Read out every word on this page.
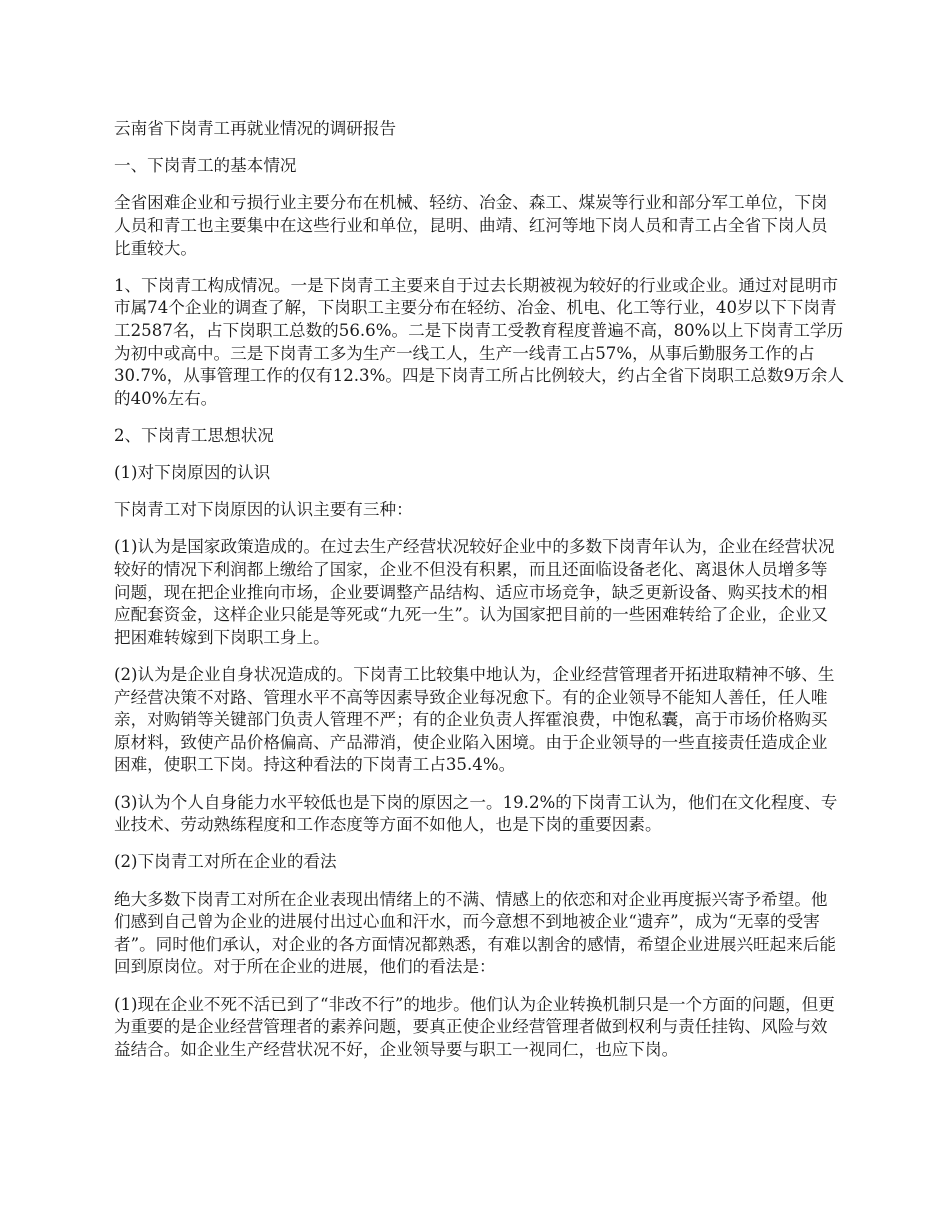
云南省下岗青工再就业情况的调研报告

一、下岗青工的基本情况

全省困难企业和亏损行业主要分布在机械、轻纺、冶金、森工、煤炭等行业和部分军工单位，下岗人员和青工也主要集中在这些行业和单位，昆明、曲靖、红河等地下岗人员和青工占全省下岗人员比重较大。

1、下岗青工构成情况。一是下岗青工主要来自于过去长期被视为较好的行业或企业。通过对昆明市市属74个企业的调查了解，下岗职工主要分布在轻纺、冶金、机电、化工等行业，40岁以下下岗青工2587名，占下岗职工总数的56.6%。二是下岗青工受教育程度普遍不高，80%以上下岗青工学历为初中或高中。三是下岗青工多为生产一线工人，生产一线青工占57%，从事后勤服务工作的占30.7%，从事管理工作的仅有12.3%。四是下岗青工所占比例较大，约占全省下岗职工总数9万余人的40%左右。

2、下岗青工思想状况

(1)对下岗原因的认识

下岗青工对下岗原因的认识主要有三种：

(1)认为是国家政策造成的。在过去生产经营状况较好企业中的多数下岗青年认为，企业在经营状况较好的情况下利润都上缴给了国家，企业不但没有积累，而且还面临设备老化、离退休人员增多等问题，现在把企业推向市场，企业要调整产品结构、适应市场竞争，缺乏更新设备、购买技术的相应配套资金，这样企业只能是等死或“九死一生”。认为国家把目前的一些困难转给了企业，企业又把困难转嫁到下岗职工身上。

(2)认为是企业自身状况造成的。下岗青工比较集中地认为，企业经营管理者开拓进取精神不够、生产经营决策不对路、管理水平不高等因素导致企业每况愈下。有的企业领导不能知人善任，任人唯亲，对购销等关键部门负责人管理不严；有的企业负责人挥霍浪费，中饱私囊，高于市场价格购买原材料，致使产品价格偏高、产品滞消，使企业陷入困境。由于企业领导的一些直接责任造成企业困难，使职工下岗。持这种看法的下岗青工占35.4%。

(3)认为个人自身能力水平较低也是下岗的原因之一。19.2%的下岗青工认为，他们在文化程度、专业技术、劳动熟练程度和工作态度等方面不如他人，也是下岗的重要因素。

(2)下岗青工对所在企业的看法

绝大多数下岗青工对所在企业表现出情绪上的不满、情感上的依恋和对企业再度振兴寄予希望。他们感到自己曾为企业的进展付出过心血和汗水，而今意想不到地被企业“遗弃”，成为“无辜的受害者”。同时他们承认，对企业的各方面情况都熟悉，有难以割舍的感情，希望企业进展兴旺起来后能回到原岗位。对于所在企业的进展，他们的看法是：

(1)现在企业不死不活已到了“非改不行”的地步。他们认为企业转换机制只是一个方面的问题，但更为重要的是企业经营管理者的素养问题，要真正使企业经营管理者做到权利与责任挂钩、风险与效益结合。如企业生产经营状况不好，企业领导要与职工一视同仁，也应下岗。
